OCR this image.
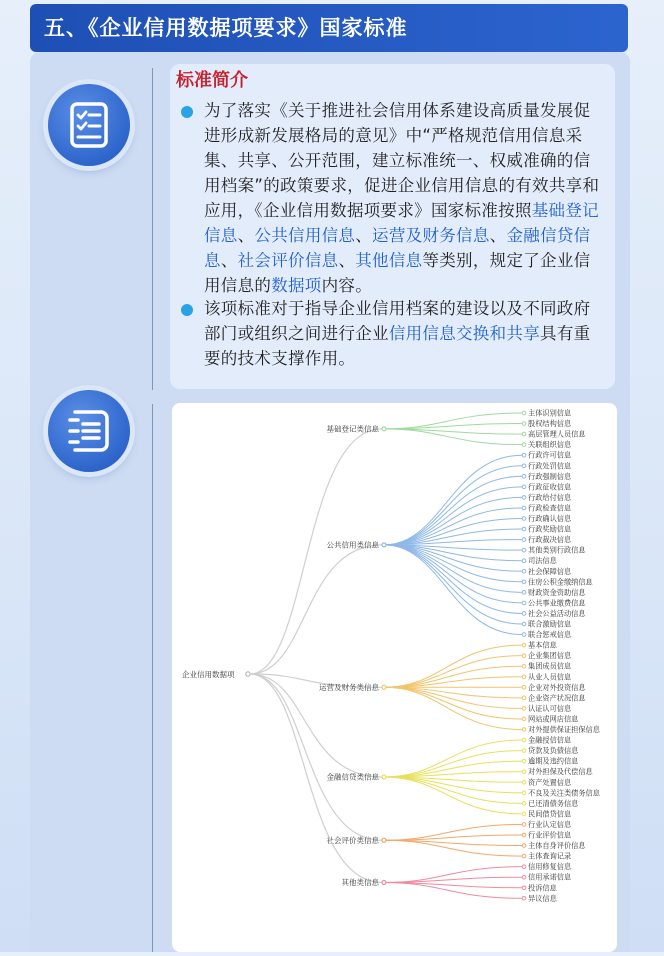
五、《企业信用数据项要求》国家标准
标准简介

为了落实《关于推进社会信用体系建设高质量发展促进形成新发展格局的意见》中“严格规范信用信息采集、共享、公开范围，建立标准统一、权威准确的信用档案”的政策要求，促进企业信用信息的有效共享和应用，《企业信用数据项要求》国家标准按照基础登记信息、公共信用信息、运营及财务信息、金融信贷信息、社会评价信息、其他信息等类别，规定了企业信用信息的数据项内容。

该项标准对于指导企业信用档案的建设以及不同政府部门或组织之间进行企业信用信息交换和共享具有重要的技术支撑作用。

企业信用数据项
基础登记类信息
主体识别信息
股权结构信息
高层管理人员信息
关联组织信息
公共信用类信息
行政许可信息
行政处罚信息
行政强制信息
行政征收信息
行政给付信息
行政检查信息
行政确认信息
行政奖励信息
行政裁决信息
其他类别行政信息
司法信息
社会保障信息
住房公积金缴纳信息
财政资金资助信息
公共事业缴费信息
社会公益活动信息
联合激励信息
联合惩戒信息
运营及财务类信息
基本信息
企业集团信息
集团成员信息
从业人员信息
企业对外投资信息
企业资产状况信息
认证认可信息
网站或网店信息
对外提供保证担保信息
金融信贷类信息
金融授信信息
贷款及负债信息
逾期及违约信息
对外担保及代偿信息
资产处置信息
不良及关注类债务信息
已还清债务信息
民间借贷信息
社会评价类信息
行业认定信息
行业评价信息
主体自身评价信息
主体查询记录
其他类信息
信用修复信息
信用承诺信息
投诉信息
异议信息
